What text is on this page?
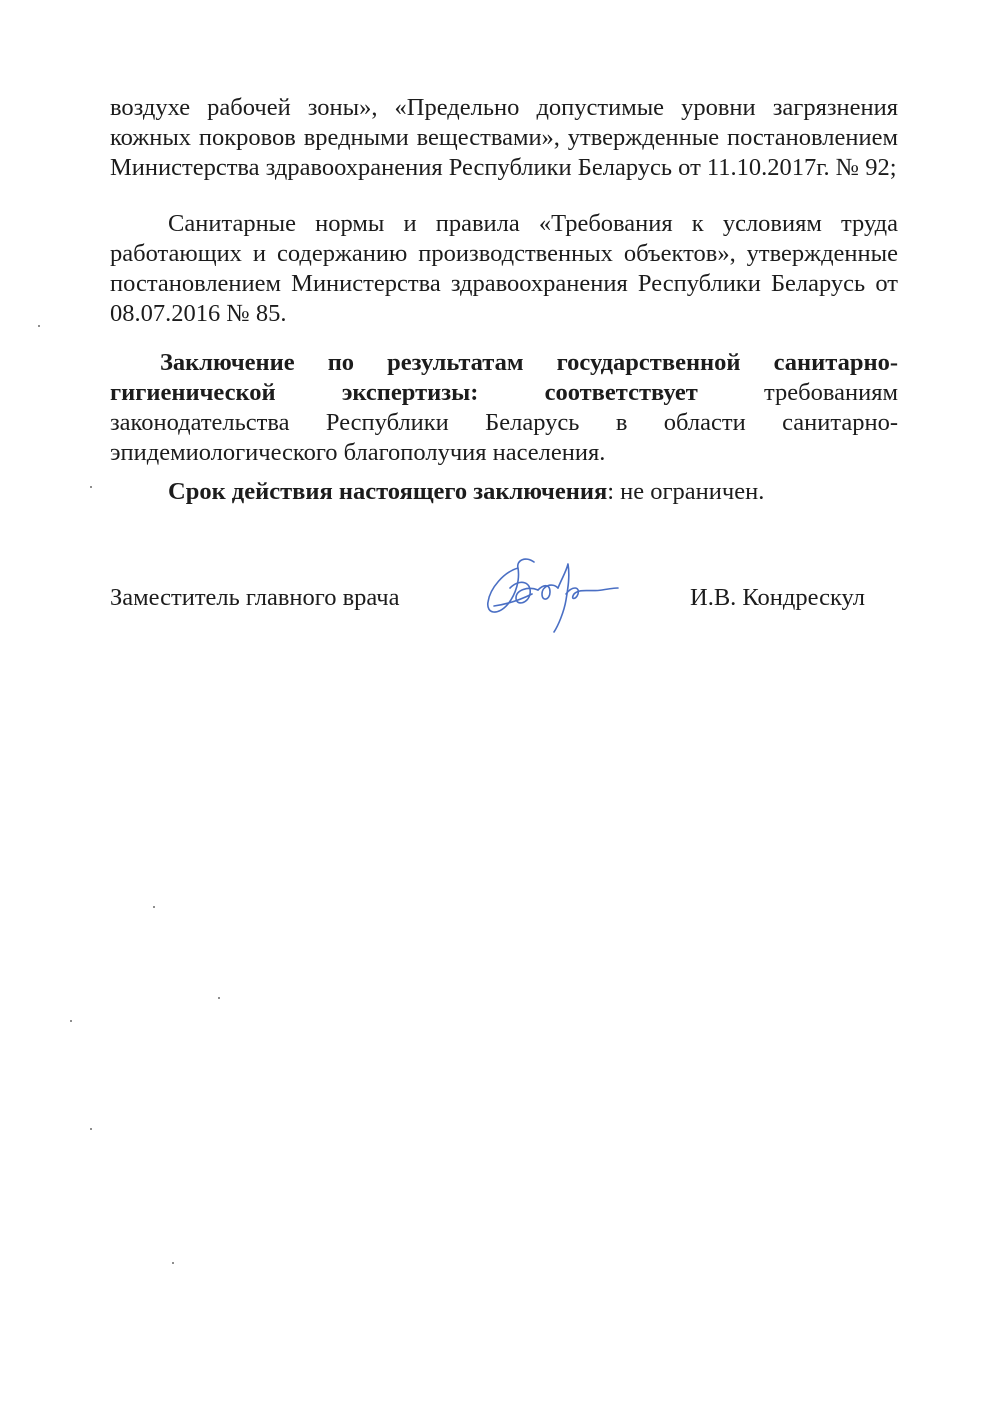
воздухе рабочей зоны», «Предельно допустимые уровни загрязнения кожных покровов вредными веществами», утвержденные постановлением Министерства здравоохранения Республики Беларусь от 11.10.2017г. № 92;
Санитарные нормы и правила «Требования к условиям труда работающих и содержанию производственных объектов», утвержденные постановлением Министерства здравоохранения Республики Беларусь от 08.07.2016 № 85.
Заключение по результатам государственной санитарно-гигиенической экспертизы: соответствует требованиям законодательства Республики Беларусь в области санитарно-эпидемиологического благополучия населения.
Срок действия настоящего заключения: не ограничен.
Заместитель главного врача	И.В. Кондрескул
